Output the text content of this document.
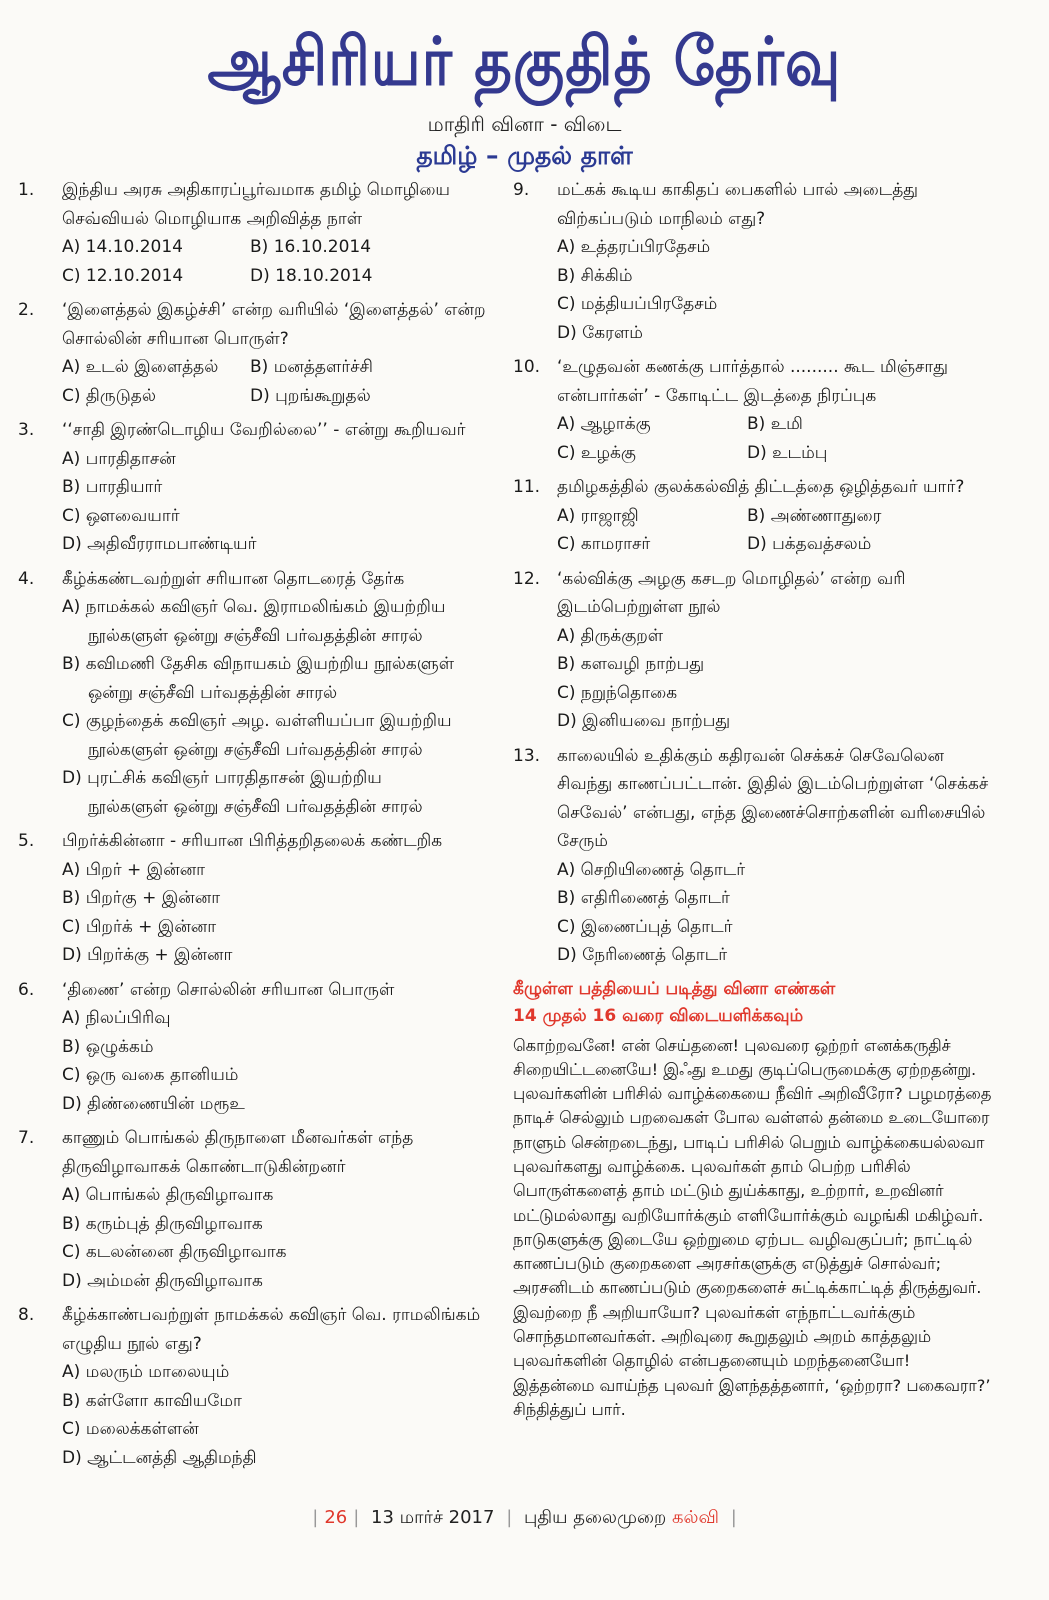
ஆசிரியர் தகுதித் தேர்வு
மாதிரி வினா - விடை
தமிழ் – முதல் தாள்
1.	இந்திய அரசு அதிகாரப்பூர்வமாக தமிழ் மொழியை செவ்வியல் மொழியாக அறிவித்த நாள்
A) 14.10.2014	B) 16.10.2014
C) 12.10.2014	D) 18.10.2014
2.	‘இளைத்தல் இகழ்ச்சி’ என்ற வரியில் ‘இளைத்தல்’ என்ற சொல்லின் சரியான பொருள்?
A) உடல் இளைத்தல்	B) மனத்தளர்ச்சி
C) திருடுதல்	D) புறங்கூறுதல்
3.	‘‘சாதி இரண்டொழிய வேறில்லை’’ - என்று கூறியவர்
A) பாரதிதாசன்
B) பாரதியார்
C) ஔவையார்
D) அதிவீரராமபாண்டியர்
4.	கீழ்க்கண்டவற்றுள் சரியான தொடரைத் தேர்க
A) நாமக்கல் கவிஞர் வெ. இராமலிங்கம் இயற்றிய
நூல்களுள் ஒன்று சஞ்சீவி பர்வதத்தின் சாரல்
B) கவிமணி தேசிக விநாயகம் இயற்றிய நூல்களுள்
ஒன்று சஞ்சீவி பர்வதத்தின் சாரல்
C) குழந்தைக் கவிஞர் அழ. வள்ளியப்பா இயற்றிய
நூல்களுள் ஒன்று சஞ்சீவி பர்வதத்தின் சாரல்
D) புரட்சிக் கவிஞர் பாரதிதாசன் இயற்றிய
நூல்களுள் ஒன்று சஞ்சீவி பர்வதத்தின் சாரல்
5.	பிறர்க்கின்னா - சரியான பிரித்தறிதலைக் கண்டறிக
A) பிறர் + இன்னா
B) பிறர்கு + இன்னா
C) பிறர்க் + இன்னா
D) பிறர்க்கு + இன்னா
6.	‘திணை’ என்ற சொல்லின் சரியான பொருள்
A) நிலப்பிரிவு
B) ஒழுக்கம்
C) ஒரு வகை தானியம்
D) திண்ணையின் மரூஉ
7.	காணும் பொங்கல் திருநாளை மீனவர்கள் எந்த திருவிழாவாகக் கொண்டாடுகின்றனர்
A) பொங்கல் திருவிழாவாக
B) கரும்புத் திருவிழாவாக
C) கடலன்னை திருவிழாவாக
D) அம்மன் திருவிழாவாக
8.	கீழ்க்காண்பவற்றுள் நாமக்கல் கவிஞர் வெ. ராமலிங்கம் எழுதிய நூல் எது?
A) மலரும் மாலையும்
B) கள்ளோ காவியமோ
C) மலைக்கள்ளன்
D) ஆட்டனத்தி ஆதிமந்தி
9.	மட்கக் கூடிய காகிதப் பைகளில் பால் அடைத்து விற்கப்படும் மாநிலம் எது?
A) உத்தரப்பிரதேசம்
B) சிக்கிம்
C) மத்தியப்பிரதேசம்
D) கேரளம்
10. ‘உழுதவன் கணக்கு பார்த்தால் ......... கூட மிஞ்சாது என்பார்கள்’ - கோடிட்ட இடத்தை நிரப்புக
A) ஆழாக்கு	B) உமி
C) உழக்கு	D) உடம்பு
11. தமிழகத்தில் குலக்கல்வித் திட்டத்தை ஒழித்தவர் யார்?
A) ராஜாஜி	B) அண்ணாதுரை
C) காமராசர்	D) பக்தவத்சலம்
12. ‘கல்விக்கு அழகு கசடற மொழிதல்’ என்ற வரி இடம்பெற்றுள்ள நூல்
A) திருக்குறள்
B) களவழி நாற்பது
C) நறுந்தொகை
D) இனியவை நாற்பது
13. காலையில் உதிக்கும் கதிரவன் செக்கச் செவேலென சிவந்து காணப்பட்டான். இதில் இடம்பெற்றுள்ள ‘செக்கச் செவேல்’ என்பது, எந்த இணைச்சொற்களின் வரிசையில் சேரும்
A) செறியிணைத் தொடர்
B) எதிரிணைத் தொடர்
C) இணைப்புத் தொடர்
D) நேரிணைத் தொடர்
கீழுள்ள பத்தியைப் படித்து வினா எண்கள்
14 முதல் 16 வரை விடையளிக்கவும்
கொற்றவனே! என் செய்தனை! புலவரை ஒற்றர் எனக்கருதிச் சிறையிட்டனையே! இஃது உமது குடிப்பெருமைக்கு ஏற்றதன்று. புலவர்களின் பரிசில் வாழ்க்கையை நீவிர் அறிவீரோ? பழமரத்தை நாடிச் செல்லும் பறவைகள் போல வள்ளல் தன்மை உடையோரை நாளும் சென்றடைந்து, பாடிப் பரிசில் பெறும் வாழ்க்கையல்லவா புலவர்களது வாழ்க்கை. புலவர்கள் தாம் பெற்ற பரிசில் பொருள்களைத் தாம் மட்டும் துய்க்காது, உற்றார், உறவினர் மட்டுமல்லாது வறியோர்க்கும் எளியோர்க்கும் வழங்கி மகிழ்வர். நாடுகளுக்கு இடையே ஒற்றுமை ஏற்பட வழிவகுப்பர்; நாட்டில் காணப்படும் குறைகளை அரசர்களுக்கு எடுத்துச் சொல்வர்; அரசனிடம் காணப்படும் குறைகளைச் சுட்டிக்காட்டித் திருத்துவர். இவற்றை நீ அறியாயோ? புலவர்கள் எந்நாட்டவர்க்கும் சொந்தமானவர்கள். அறிவுரை கூறுதலும் அறம் காத்தலும் புலவர்களின் தொழில் என்பதனையும் மறந்தனையோ! இத்தன்மை வாய்ந்த புலவர் இளந்தத்தனார், ‘ஒற்றரா? பகைவரா?’ சிந்தித்துப் பார்.
| 26 | 13 மார்ச் 2017 | புதிய தலைமுறை கல்வி |
